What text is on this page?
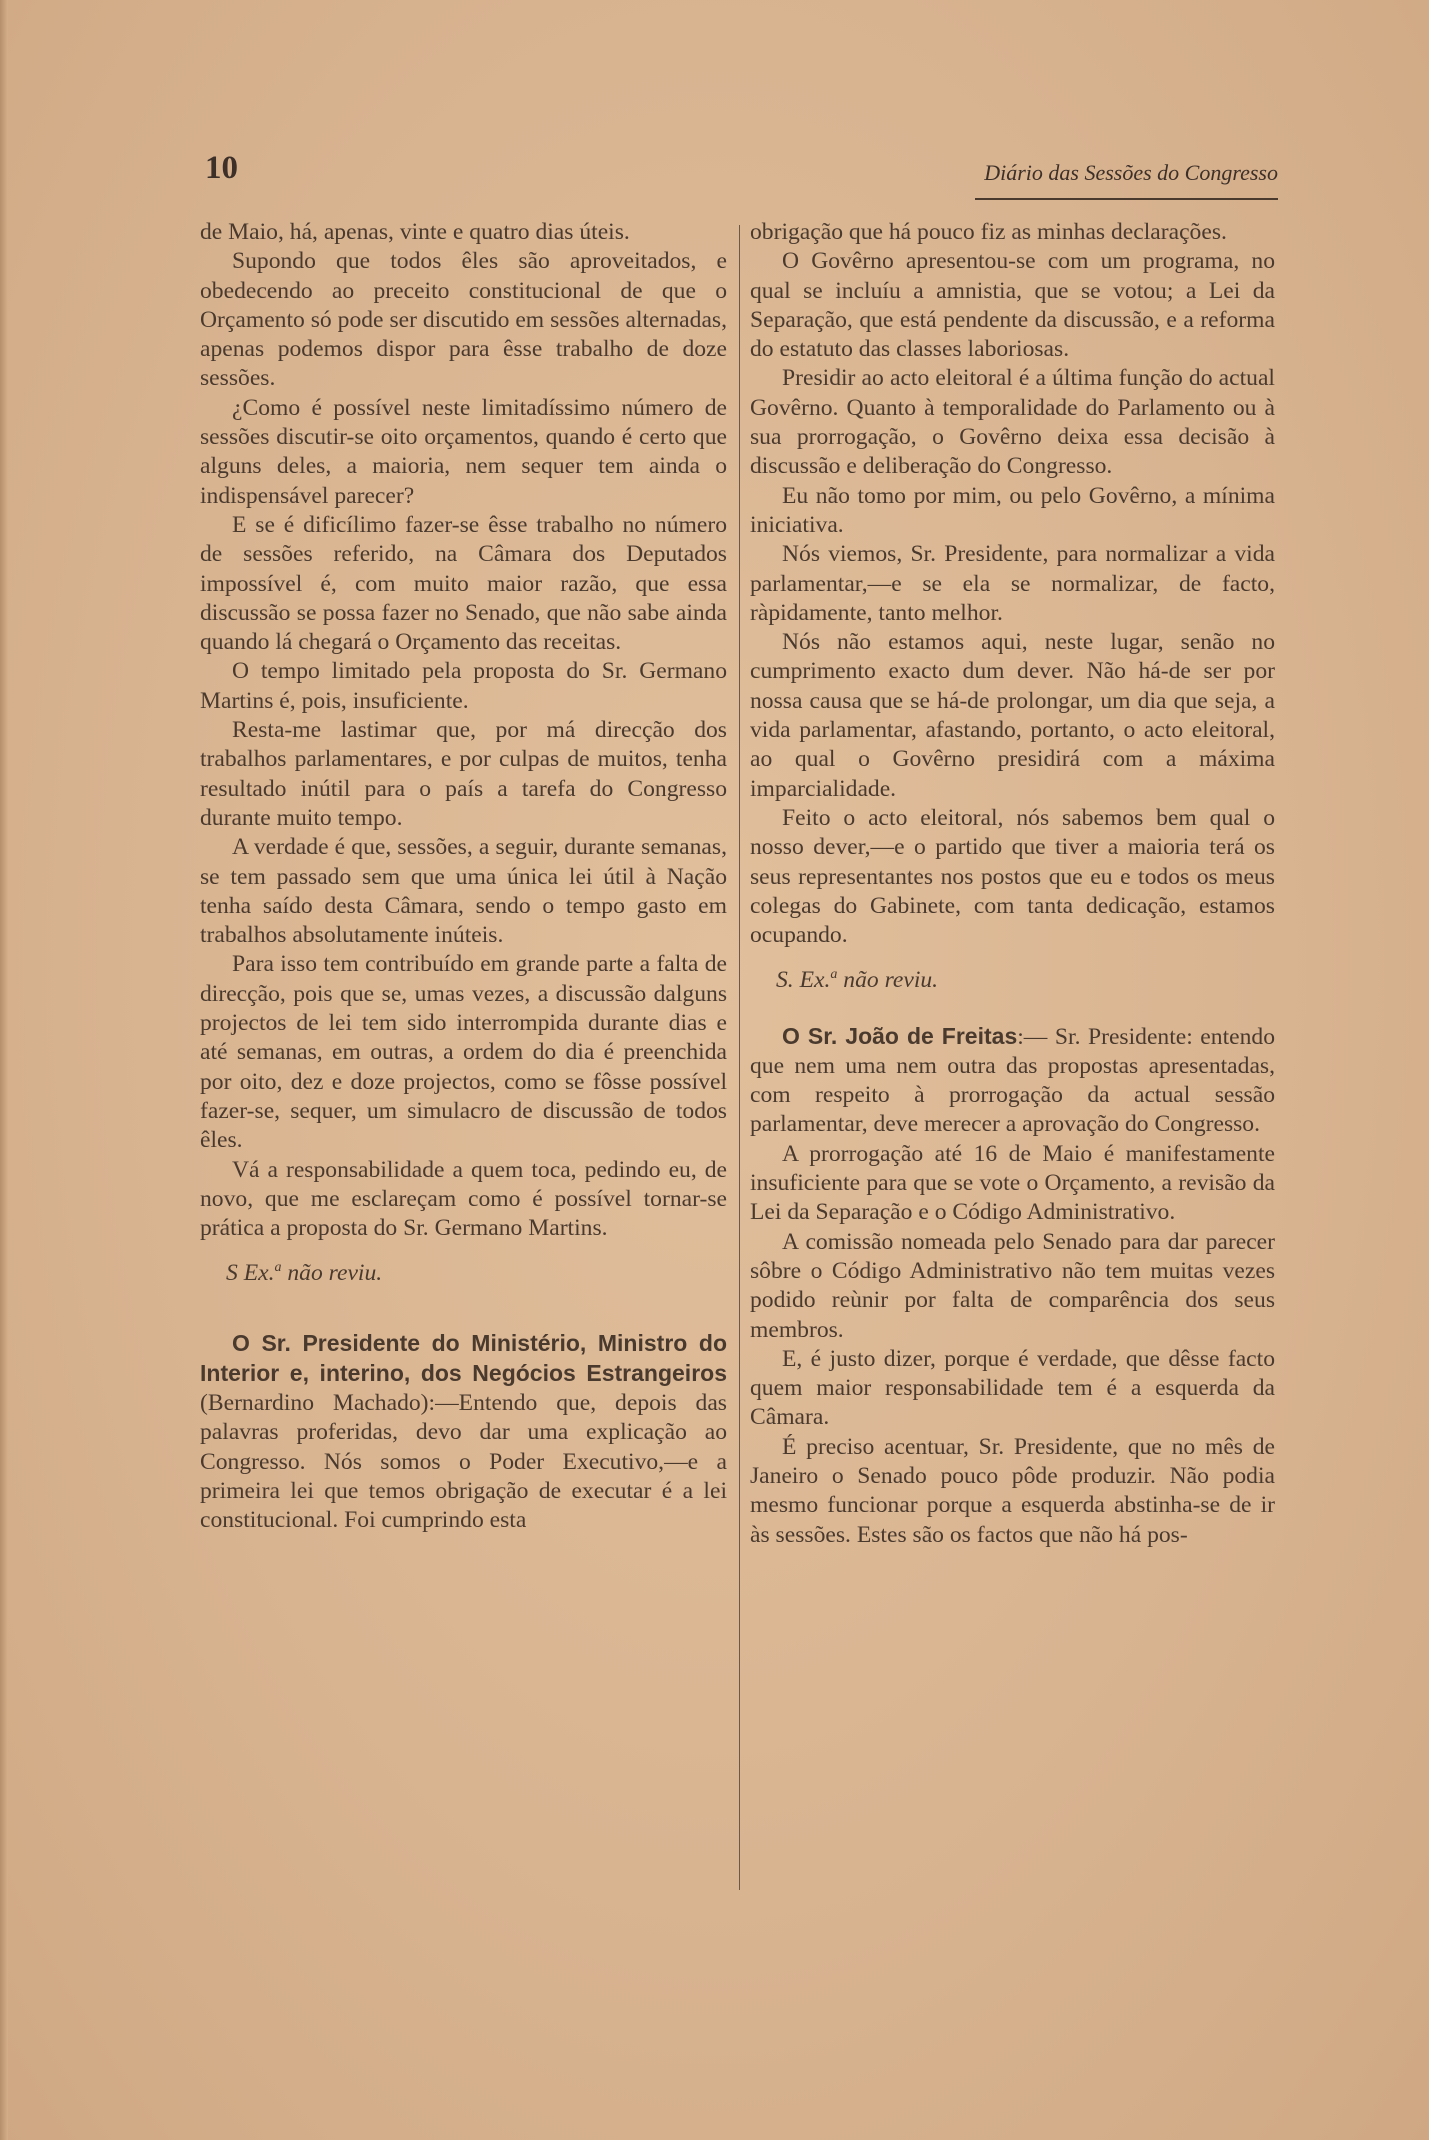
10	Diário das Sessões do Congresso

de Maio, há, apenas, vinte e quatro dias úteis.

Supondo que todos êles são aproveitados, e obedecendo ao preceito constitucional de que o Orçamento só pode ser discutido em sessões alternadas, apenas podemos dispor para êsse trabalho de doze sessões.

¿Como é possível neste limitadíssimo número de sessões discutir-se oito orçamentos, quando é certo que alguns deles, a maioria, nem sequer tem ainda o indispensável parecer?

E se é dificílimo fazer-se êsse trabalho no número de sessões referido, na Câmara dos Deputados impossível é, com muito maior razão, que essa discussão se possa fazer no Senado, que não sabe ainda quando lá chegará o Orçamento das receitas.

O tempo limitado pela proposta do Sr. Germano Martins é, pois, insuficiente.

Resta-me lastimar que, por má direcção dos trabalhos parlamentares, e por culpas de muitos, tenha resultado inútil para o país a tarefa do Congresso durante muito tempo.

A verdade é que, sessões, a seguir, durante semanas, se tem passado sem que uma única lei útil à Nação tenha saído desta Câmara, sendo o tempo gasto em trabalhos absolutamente inúteis.

Para isso tem contribuído em grande parte a falta de direcção, pois que se, umas vezes, a discussão dalguns projectos de lei tem sido interrompida durante dias e até semanas, em outras, a ordem do dia é preenchida por oito, dez e doze projectos, como se fôsse possível fazer-se, sequer, um simulacro de discussão de todos êles.

Vá a responsabilidade a quem toca, pedindo eu, de novo, que me esclareçam como é possível tornar-se prática a proposta do Sr. Germano Martins.

S Ex.$^a$ não reviu.

O Sr. Presidente do Ministério, Ministro do Interior e, interino, dos Negócios Estrangeiros (Bernardino Machado):—Entendo que, depois das palavras proferidas, devo dar uma explicação ao Congresso. Nós somos o Poder Executivo,—e a primeira lei que temos obrigação de executar é a lei constitucional. Foi cumprindo esta

obrigação que há pouco fiz as minhas declarações.

O Govêrno apresentou-se com um programa, no qual se incluíu a amnistia, que se votou; a Lei da Separação, que está pendente da discussão, e a reforma do estatuto das classes laboriosas.

Presidir ao acto eleitoral é a última função do actual Govêrno. Quanto à temporalidade do Parlamento ou à sua prorrogação, o Govêrno deixa essa decisão à discussão e deliberação do Congresso.

Eu não tomo por mim, ou pelo Govêrno, a mínima iniciativa.

Nós viemos, Sr. Presidente, para normalizar a vida parlamentar,—e se ela se normalizar, de facto, ràpidamente, tanto melhor.

Nós não estamos aqui, neste lugar, senão no cumprimento exacto dum dever. Não há-de ser por nossa causa que se há-de prolongar, um dia que seja, a vida parlamentar, afastando, portanto, o acto eleitoral, ao qual o Govêrno presidirá com a máxima imparcialidade.

Feito o acto eleitoral, nós sabemos bem qual o nosso dever,—e o partido que tiver a maioria terá os seus representantes nos postos que eu e todos os meus colegas do Gabinete, com tanta dedicação, estamos ocupando.

S. Ex.$^a$ não reviu.

O Sr. João de Freitas:— Sr. Presidente: entendo que nem uma nem outra das propostas apresentadas, com respeito à prorrogação da actual sessão parlamentar, deve merecer a aprovação do Congresso.

A prorrogação até 16 de Maio é manifestamente insuficiente para que se vote o Orçamento, a revisão da Lei da Separação e o Código Administrativo.

A comissão nomeada pelo Senado para dar parecer sôbre o Código Administrativo não tem muitas vezes podido reùnir por falta de comparência dos seus membros.

E, é justo dizer, porque é verdade, que dêsse facto quem maior responsabilidade tem é a esquerda da Câmara.

É preciso acentuar, Sr. Presidente, que no mês de Janeiro o Senado pouco pôde produzir. Não podia mesmo funcionar porque a esquerda abstinha-se de ir às sessões. Estes são os factos que não há pos-
